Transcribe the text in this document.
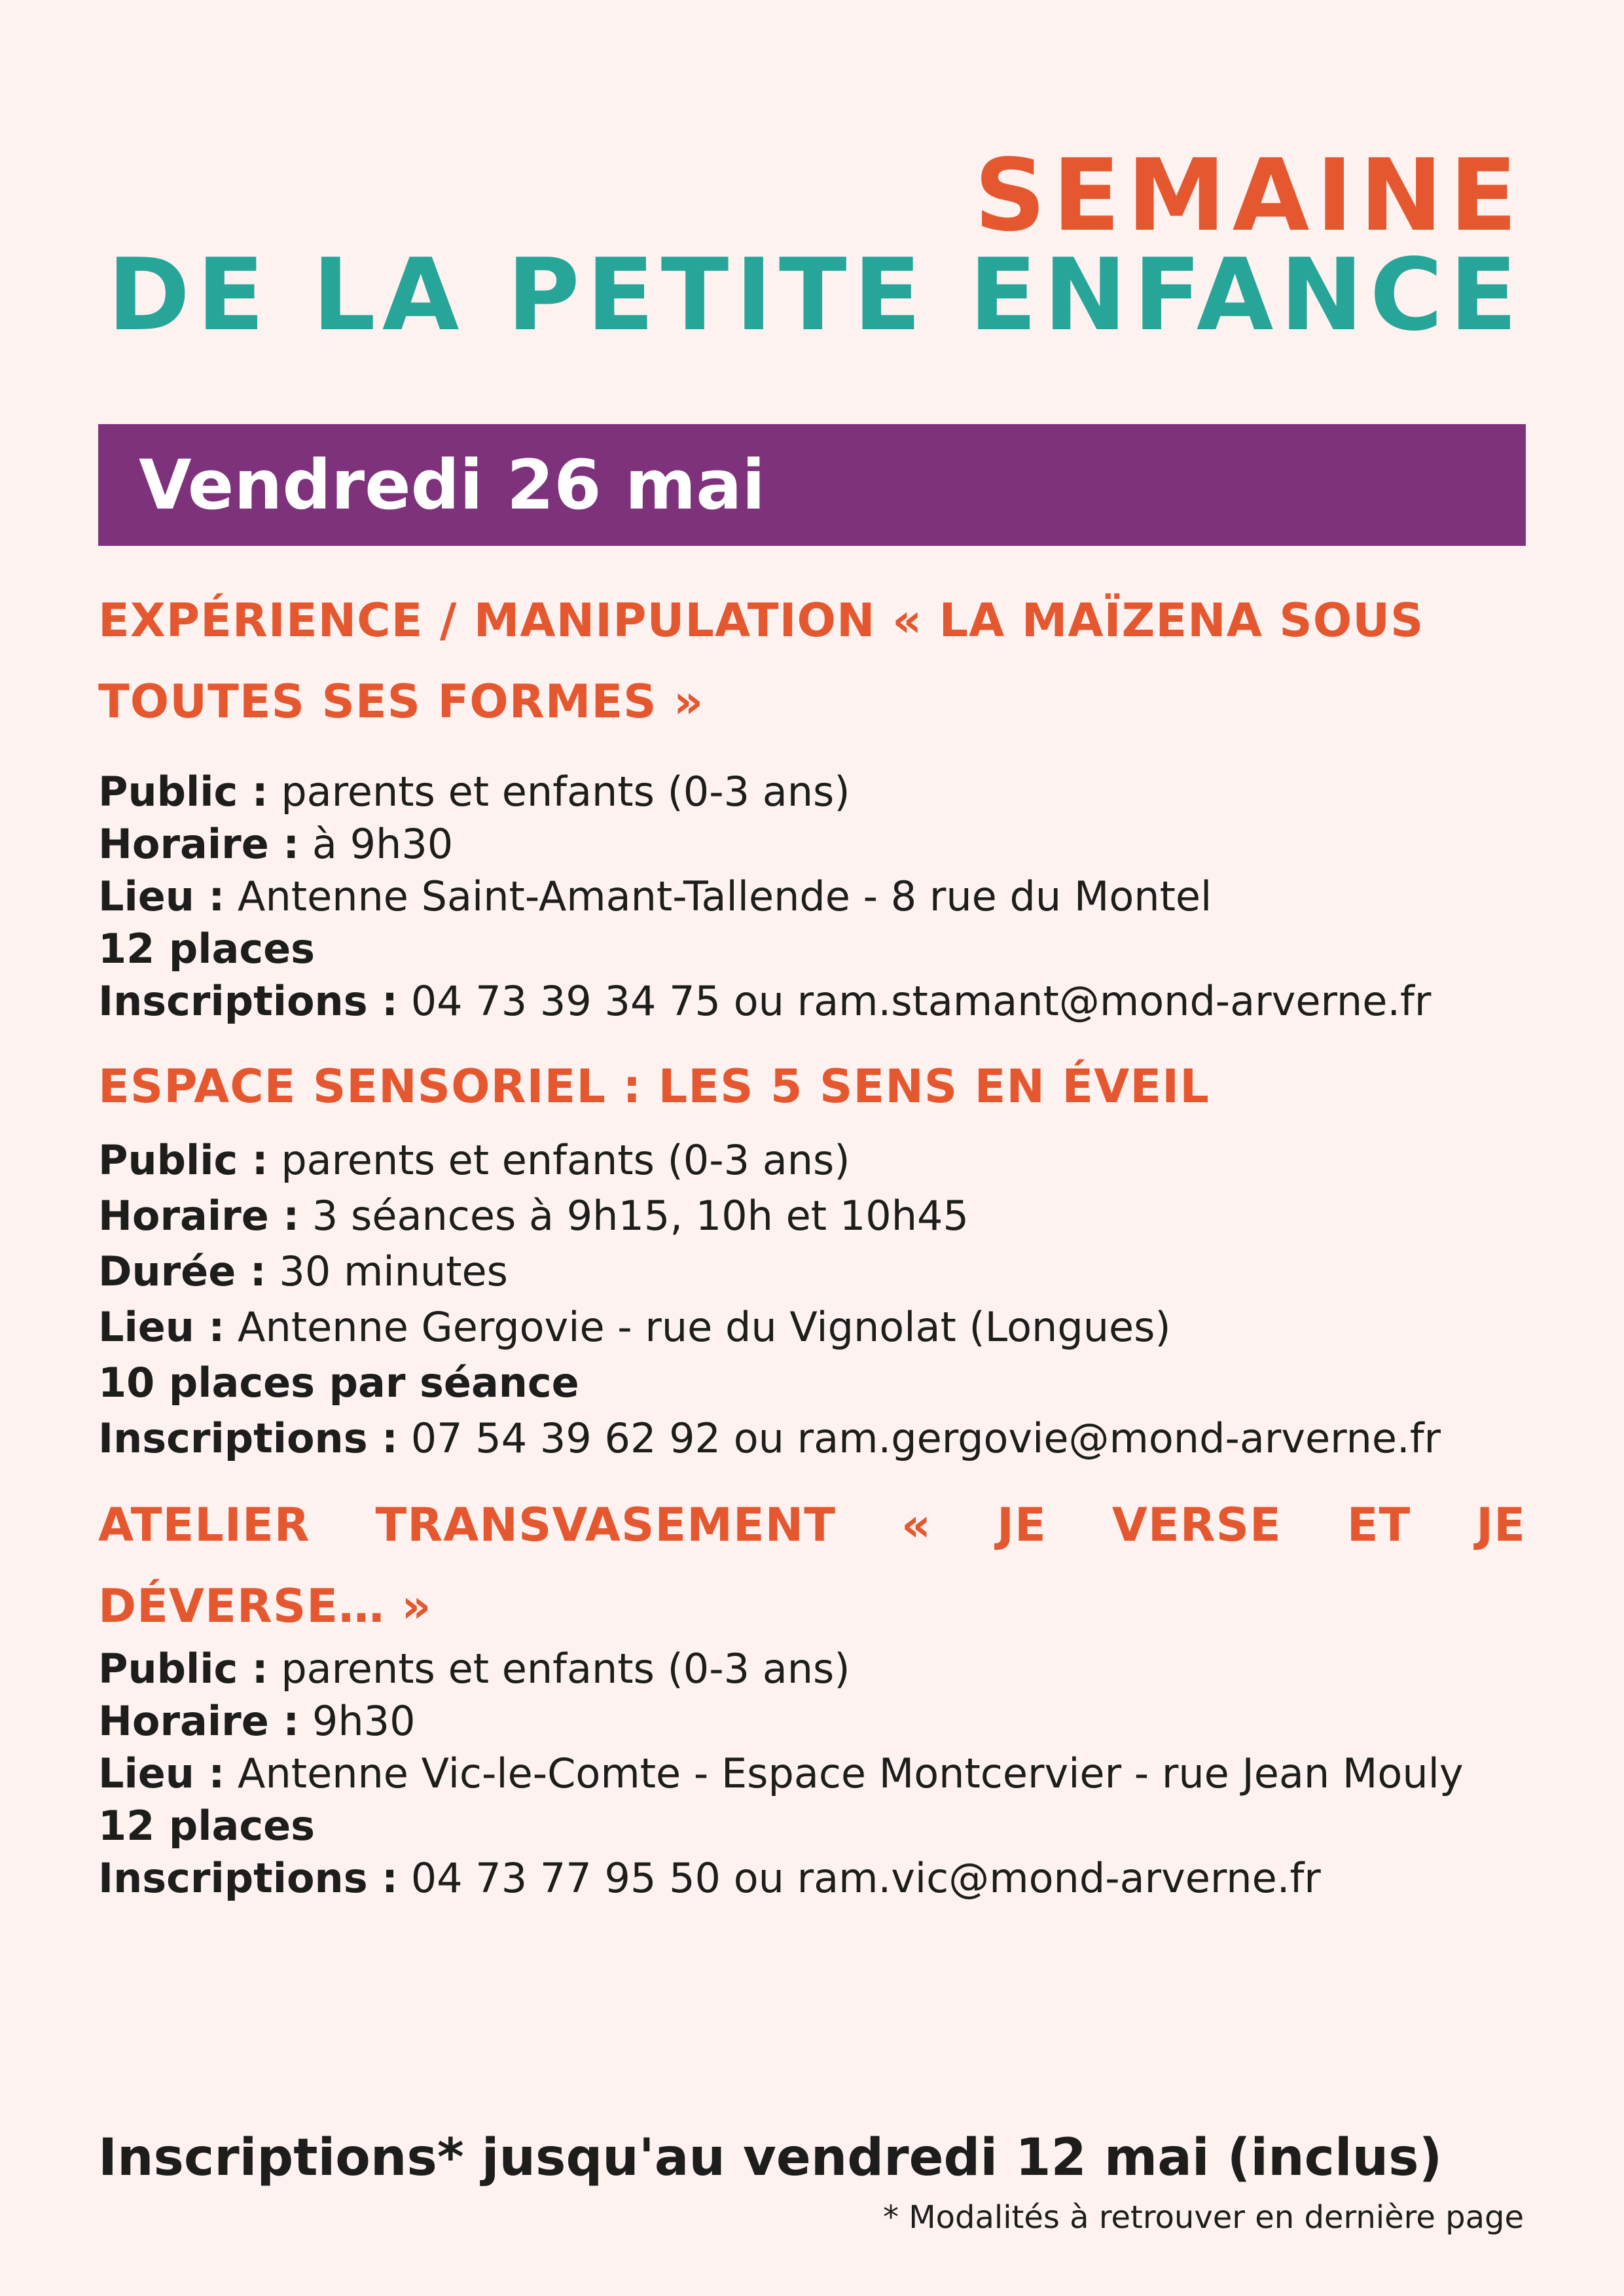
SEMAINE
DE LA PETITE ENFANCE
Vendredi 26 mai
EXPÉRIENCE / MANIPULATION « LA MAÏZENA SOUS TOUTES SES FORMES »
Public : parents et enfants (0-3 ans)
Horaire : à 9h30
Lieu : Antenne Saint-Amant-Tallende - 8 rue du Montel
12 places
Inscriptions : 04 73 39 34 75 ou ram.stamant@mond-arverne.fr
ESPACE SENSORIEL : LES 5 SENS EN ÉVEIL
Public : parents et enfants (0-3 ans)
Horaire : 3 séances à 9h15, 10h et 10h45
Durée : 30 minutes
Lieu : Antenne Gergovie - rue du Vignolat (Longues)
10 places par séance
Inscriptions : 07 54 39 62 92 ou ram.gergovie@mond-arverne.fr
ATELIER TRANSVASEMENT « JE VERSE ET JE DÉVERSE… »
Public : parents et enfants (0-3 ans)
Horaire : 9h30
Lieu : Antenne Vic-le-Comte - Espace Montcervier - rue Jean Mouly
12 places
Inscriptions : 04 73 77 95 50 ou ram.vic@mond-arverne.fr
Inscriptions* jusqu'au vendredi 12 mai (inclus)
* Modalités à retrouver en dernière page
